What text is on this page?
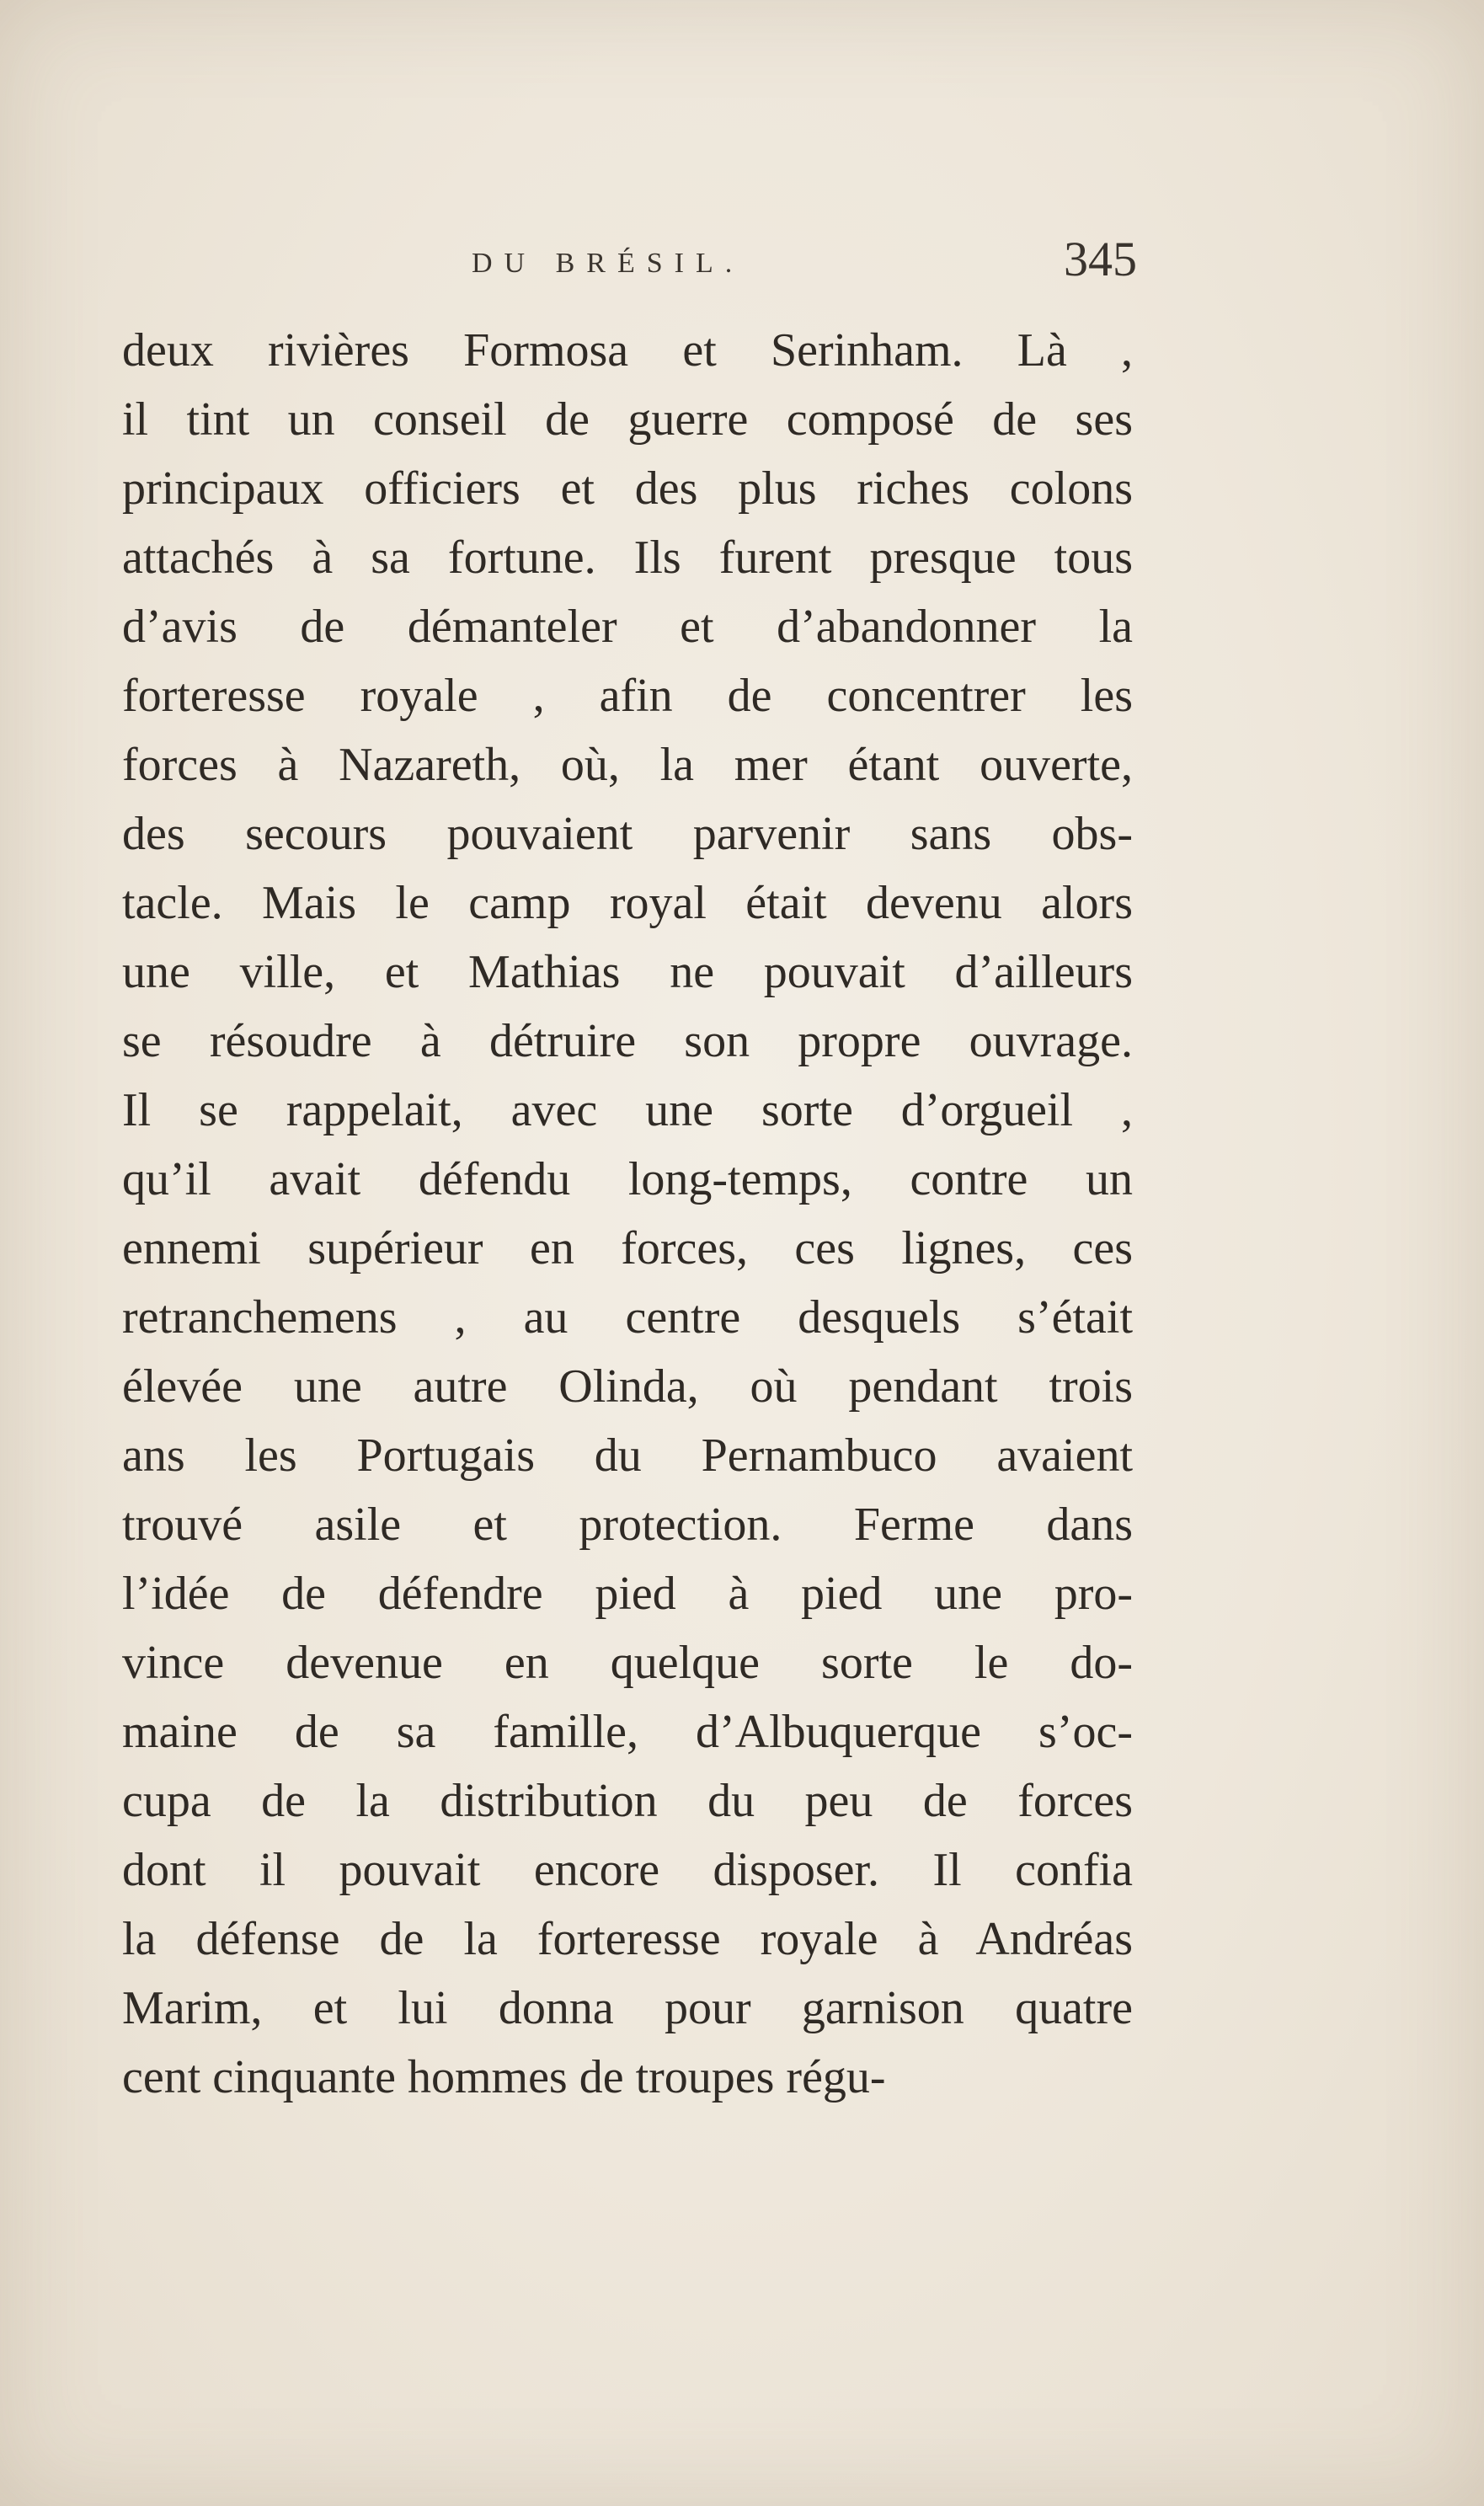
DU BRÉSIL.	345
deux rivières Formosa et Serinham. Là ,
il tint un conseil de guerre composé de ses
principaux officiers et des plus riches colons
attachés à sa fortune. Ils furent presque tous
d’avis de démanteler et d’abandonner la
forteresse royale , afin de concentrer les
forces à Nazareth, où, la mer étant ouverte,
des secours pouvaient parvenir sans obs-
tacle. Mais le camp royal était devenu alors
une ville, et Mathias ne pouvait d’ailleurs
se résoudre à détruire son propre ouvrage.
Il se rappelait, avec une sorte d’orgueil ,
qu’il avait défendu long-temps, contre un
ennemi supérieur en forces, ces lignes, ces
retranchemens , au centre desquels s’était
élevée une autre Olinda, où pendant trois
ans les Portugais du Pernambuco avaient
trouvé asile et protection. Ferme dans
l’idée de défendre pied à pied une pro-
vince devenue en quelque sorte le do-
maine de sa famille, d’Albuquerque s’oc-
cupa de la distribution du peu de forces
dont il pouvait encore disposer. Il confia
la défense de la forteresse royale à Andréas
Marim, et lui donna pour garnison quatre
cent cinquante hommes de troupes régu-
